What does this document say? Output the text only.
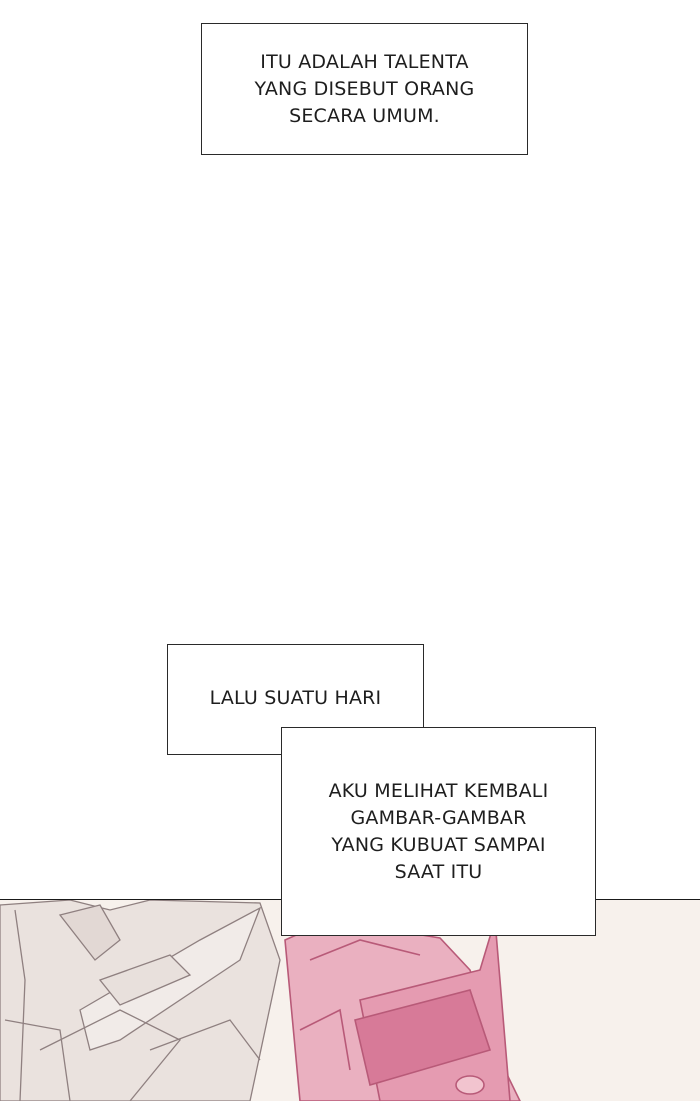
ITU ADALAH TALENTA
YANG DISEBUT ORANG
SECARA UMUM.
LALU SUATU HARI
AKU MELIHAT KEMBALI
GAMBAR-GAMBAR
YANG KUBUAT SAMPAI
SAAT ITU
